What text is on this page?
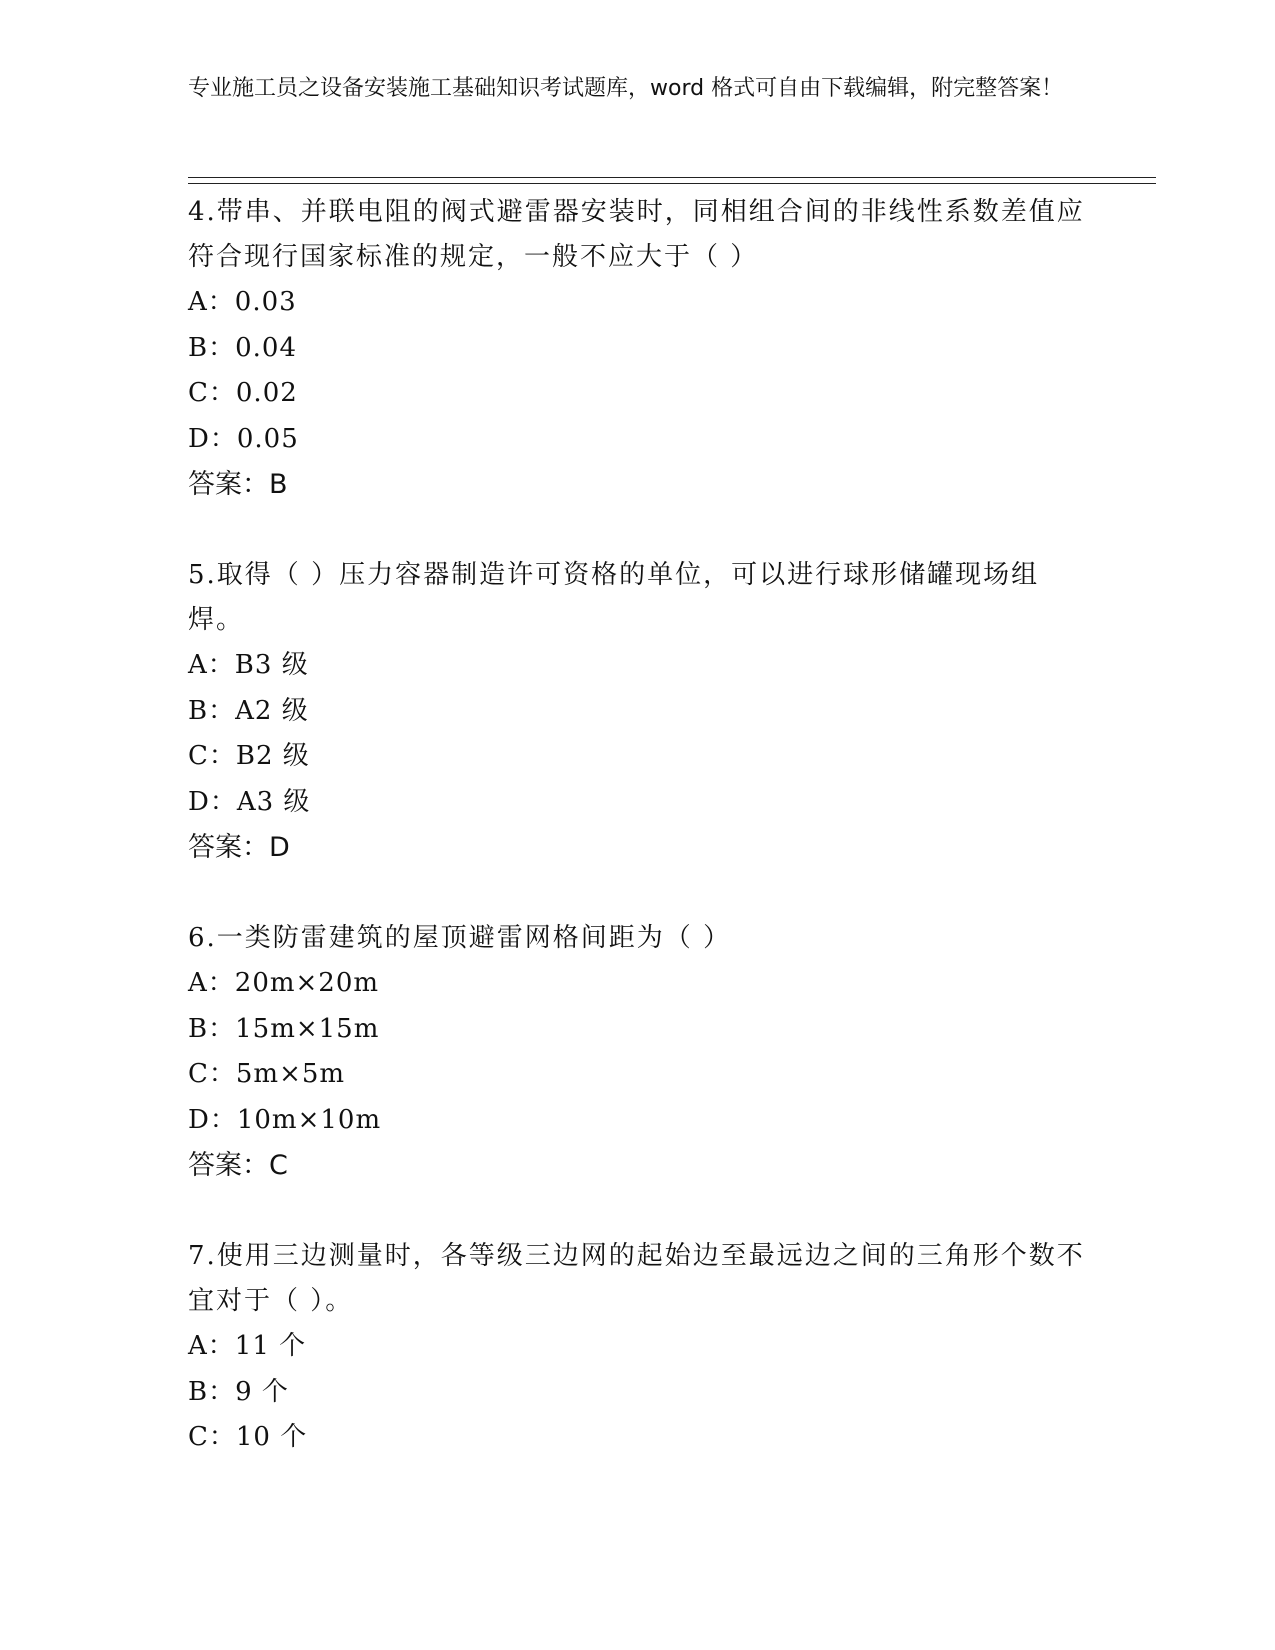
专业施工员之设备安装施工基础知识考试题库，word 格式可自由下载编辑，附完整答案！

4.带串、并联电阻的阀式避雷器安装时，同相组合间的非线性系数差值应符合现行国家标准的规定，一般不应大于（ ）

A：0.03

B：0.04

C：0.02

D：0.05

答案：B

5.取得（ ）压力容器制造许可资格的单位，可以进行球形储罐现场组焊。

A：B3 级

B：A2 级

C：B2 级

D：A3 级

答案：D

6.一类防雷建筑的屋顶避雷网格间距为（ ）

A：20m×20m

B：15m×15m

C：5m×5m

D：10m×10m

答案：C

7.使用三边测量时，各等级三边网的起始边至最远边之间的三角形个数不宜对于（ ）。

A：11 个

B：9 个

C：10 个
